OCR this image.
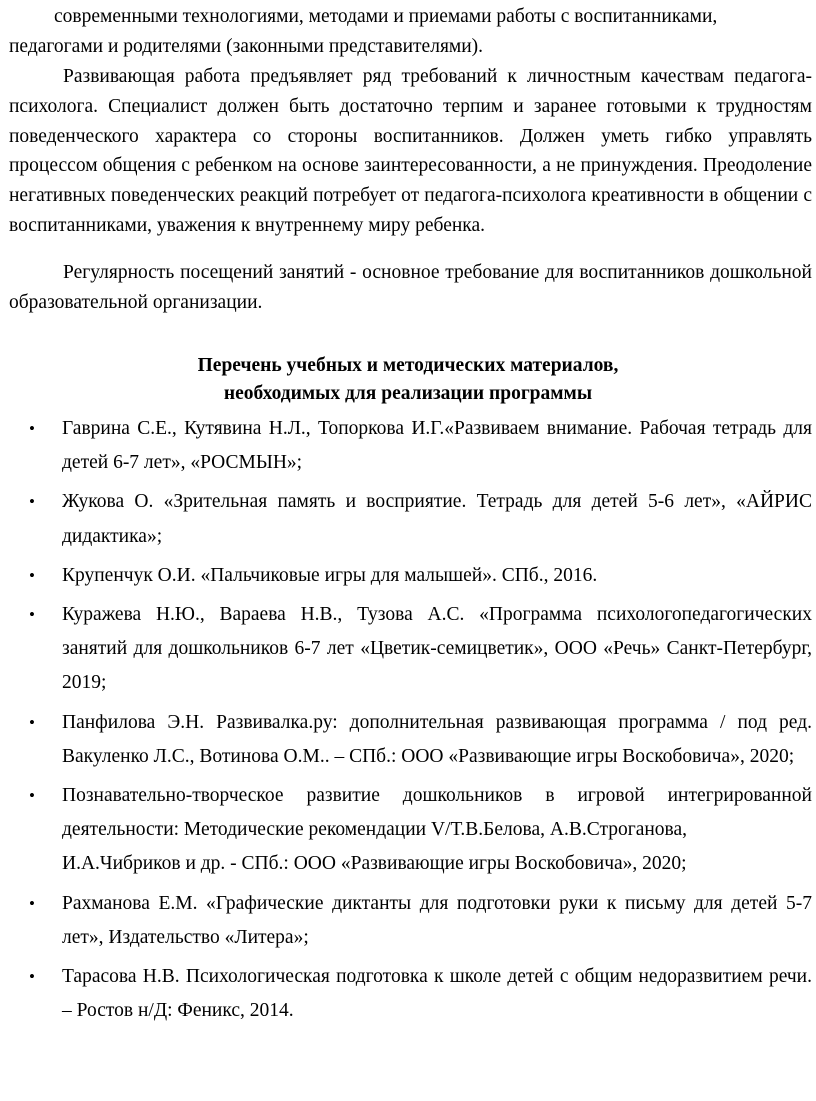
современными технологиями, методами и приемами работы с воспитанниками,
педагогами и родителями (законными представителями).

Развивающая работа предъявляет ряд требований к личностным качествам педагога-психолога. Специалист должен быть достаточно терпим и заранее готовыми к трудностям поведенческого характера со стороны воспитанников. Должен уметь гибко управлять процессом общения с ребенком на основе заинтересованности, а не принуждения. Преодоление негативных поведенческих реакций потребует от педагога-психолога креативности в общении с воспитанниками, уважения к внутреннему миру ребенка.

Регулярность посещений занятий - основное требование для воспитанников дошкольной образовательной организации.

Перечень учебных и методических материалов,
необходимых для реализации программы
• Гаврина С.Е., Кутявина Н.Л., Топоркова И.Г.«Развиваем внимание. Рабочая тетрадь для детей 6-7 лет», «РОСМЫН»;
• Жукова О. «Зрительная память и восприятие. Тетрадь для детей 5-6 лет», «АЙРИС дидактика»;
• Крупенчук О.И. «Пальчиковые игры для малышей». СПб., 2016.
• Куражева Н.Ю., Вараева Н.В., Тузова А.С. «Программа психологопедагогических занятий для дошкольников 6-7 лет «Цветик-семицветик», ООО «Речь» Санкт-Петербург, 2019;
• Панфилова Э.Н. Развивалка.ру: дополнительная развивающая программа / под ред. Вакуленко Л.С., Вотинова О.М.. – СПб.: ООО «Развивающие игры Воскобовича», 2020;
• Познавательно-творческое развитие дошкольников в игровой интегрированной деятельности: Методические рекомендации V/Т.В.Белова, А.В.Строганова,
И.А.Чибриков и др. - СПб.: ООО «Развивающие игры Воскобовича», 2020;
• Рахманова Е.М. «Графические диктанты для подготовки руки к письму для детей 5-7 лет», Издательство «Литера»;
• Тарасова Н.В. Психологическая подготовка к школе детей с общим недоразвитием речи. – Ростов н/Д: Феникс, 2014.
